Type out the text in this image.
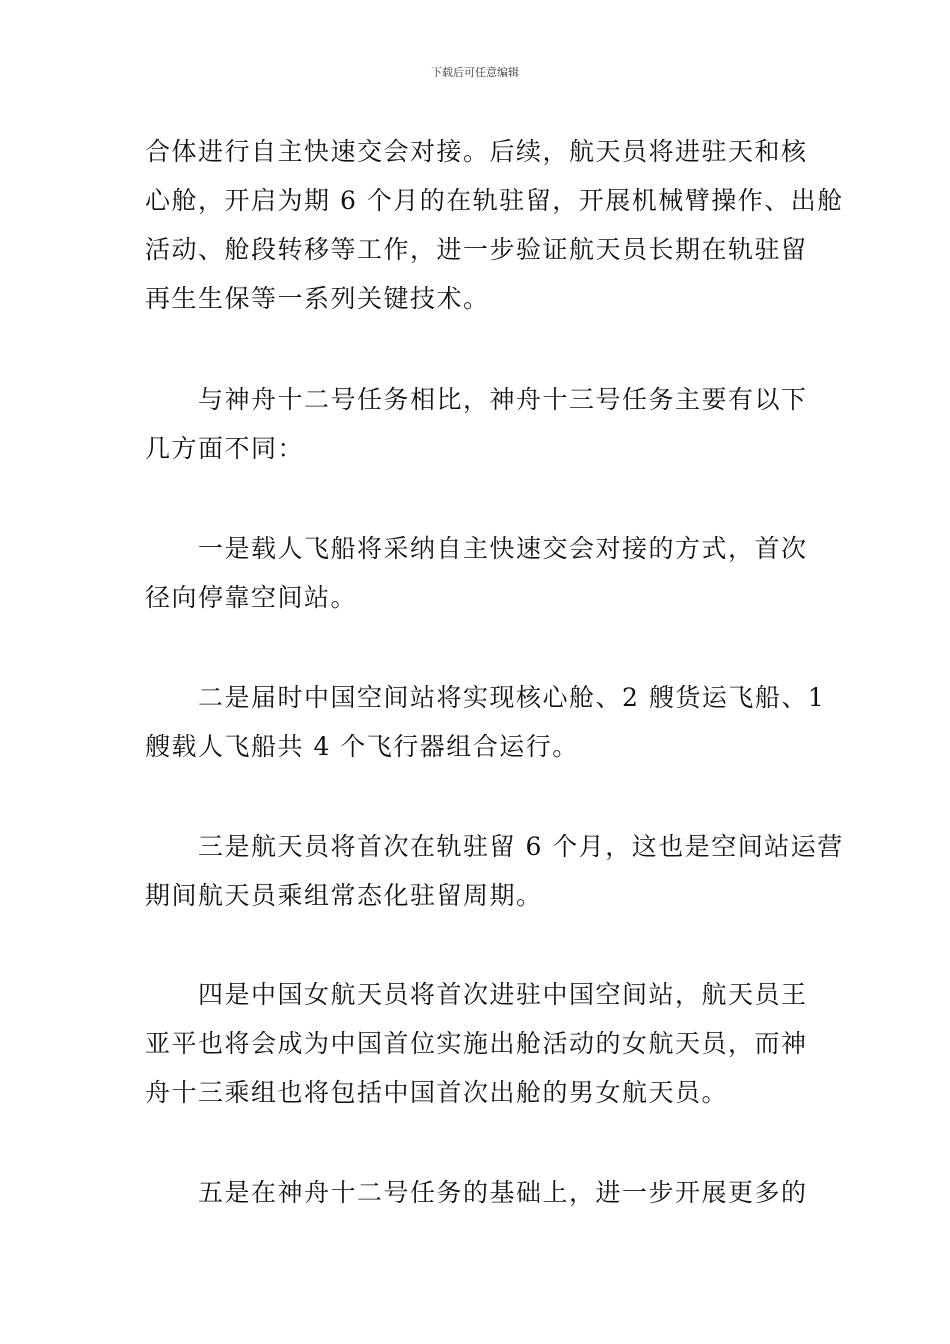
下载后可任意编辑

合体进行自主快速交会对接。后续，航天员将进驻天和核
心舱，开启为期 6 个月的在轨驻留，开展机械臂操作、出舱
活动、舱段转移等工作，进一步验证航天员长期在轨驻留
再生生保等一系列关键技术。

与神舟十二号任务相比，神舟十三号任务主要有以下
几方面不同：

一是载人飞船将采纳自主快速交会对接的方式，首次
径向停靠空间站。

二是届时中国空间站将实现核心舱、2 艘货运飞船、1
艘载人飞船共 4 个飞行器组合运行。

三是航天员将首次在轨驻留 6 个月，这也是空间站运营
期间航天员乘组常态化驻留周期。

四是中国女航天员将首次进驻中国空间站，航天员王
亚平也将会成为中国首位实施出舱活动的女航天员，而神
舟十三乘组也将包括中国首次出舱的男女航天员。

五是在神舟十二号任务的基础上，进一步开展更多的
